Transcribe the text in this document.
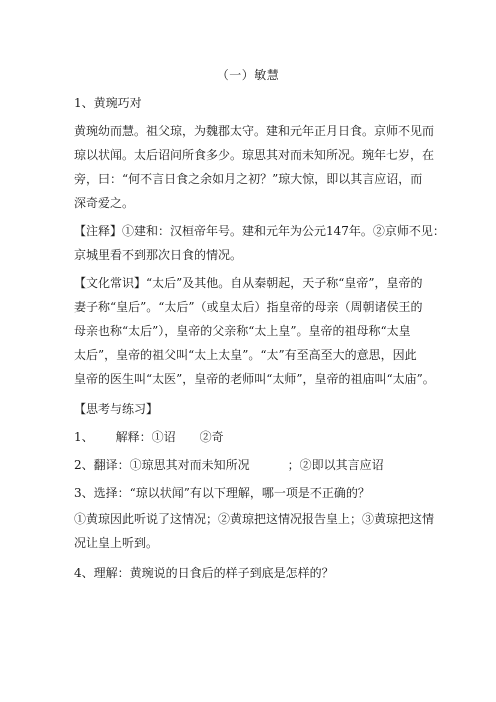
（一）敏慧
1、黄琬巧对
黄琬幼而慧。祖父琼，为魏郡太守。建和元年正月日食。京师不见而
琼以状闻。太后诏问所食多少。琼思其对而未知所况。琬年七岁，在
旁，曰：“何不言日食之余如月之初？”琼大惊，即以其言应诏，而
深奇爱之。
【注释】①建和：汉桓帝年号。建和元年为公元147年。②京师不见：
京城里看不到那次日食的情况。
【文化常识】“太后”及其他。自从秦朝起，天子称“皇帝”，皇帝的
妻子称“皇后”。“太后”（或皇太后）指皇帝的母亲（周朝诸侯王的
母亲也称“太后”），皇帝的父亲称“太上皇”。皇帝的祖母称“太皇
太后”，皇帝的祖父叫“太上太皇”。“太”有至高至大的意思，因此
皇帝的医生叫“太医”，皇帝的老师叫“太师”，皇帝的祖庙叫“太庙”。
【思考与练习】
1、 解释：①诏 ②奇
2、翻译：①琼思其对而未知所况	；②即以其言应诏
3、选择：“琼以状闻”有以下理解，哪一项是不正确的？
①黄琼因此听说了这情况；②黄琼把这情况报告皇上；③黄琼把这情
况让皇上听到。
4、理解：黄琬说的日食后的样子到底是怎样的？
